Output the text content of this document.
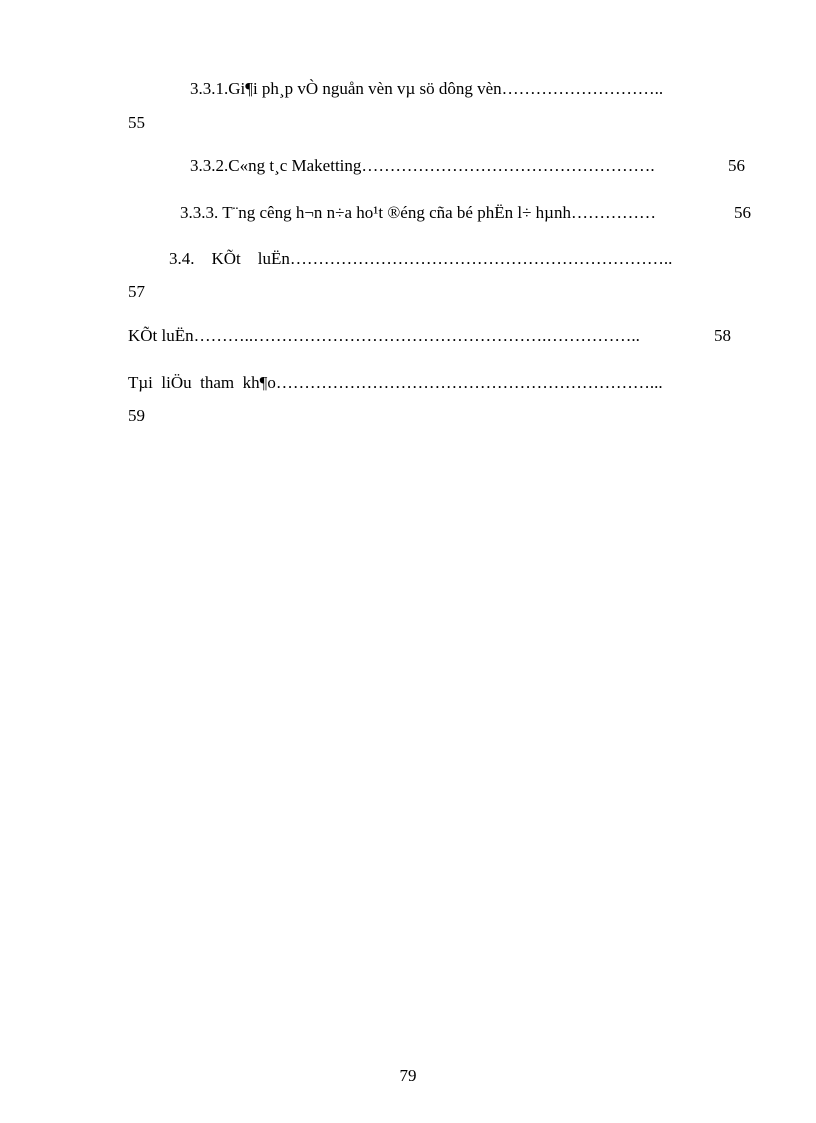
3.3.1.Gi¶i ph¸p vÒ nguån vèn vµ sö dông vèn………………………..
55
3.3.2.C«ng t¸c Maketting…………………………………………….	56
3.3.3. T¨ng cêng h¬n n÷a ho¹t ®éng cña bé phËn l÷ hµnh……………	56
3.4.    KÕt    luËn…………………………………………………………..
57
KÕt luËn………..…………………………………………….……………..	58
Tµi  liÖu  tham  kh¶o…………………………………………………………...
59
79
